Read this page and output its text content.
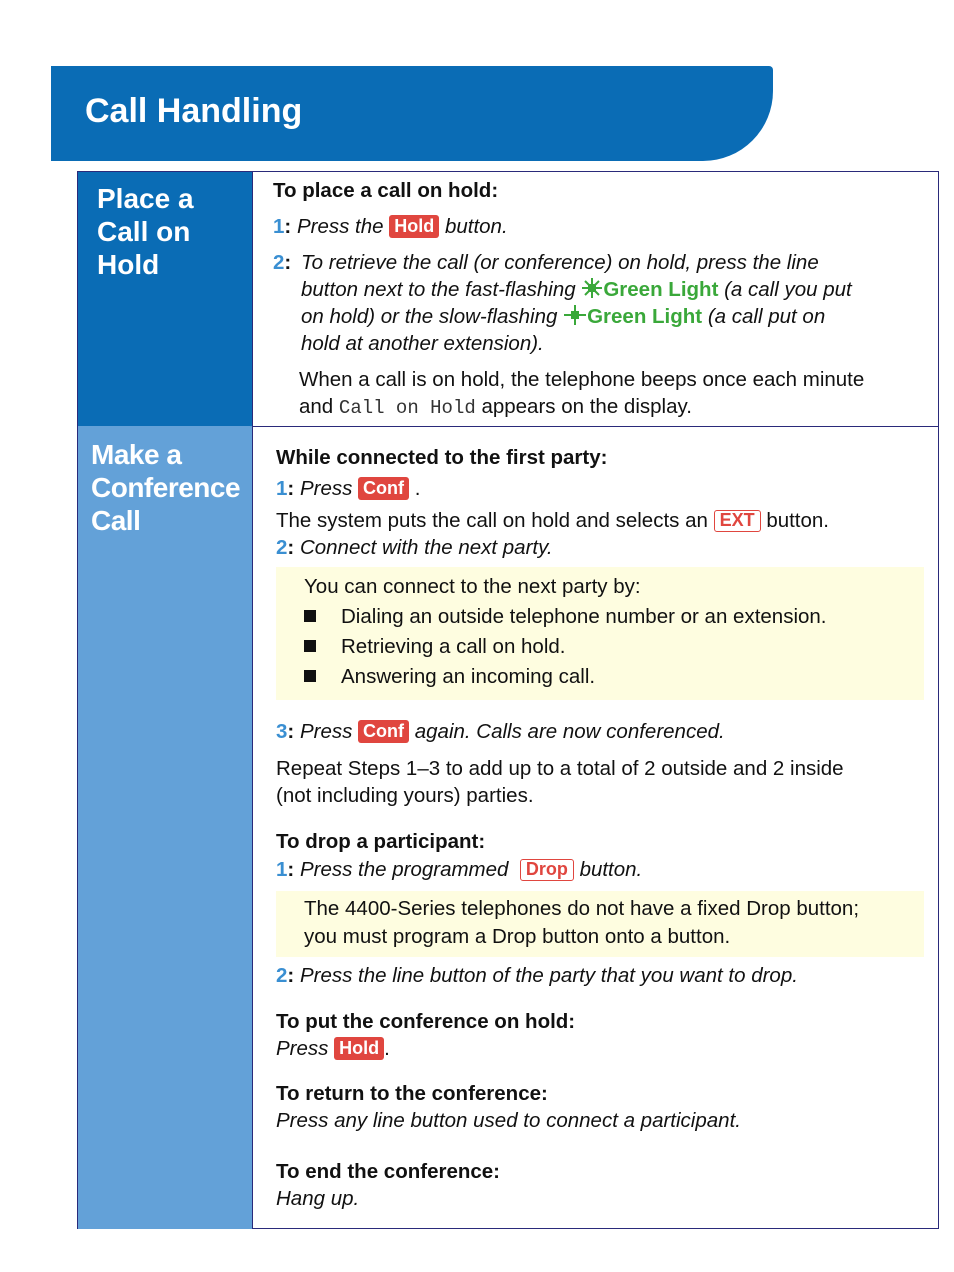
Call Handling
Place a
Call on
Hold
Make a
Conference
Call
To place a call on hold:
1: Press the Hold button.
2: To retrieve the call (or conference) on hold, press the line
button next to the fast-flashing Green Light (a call you put
on hold) or the slow-flashing Green Light (a call put on
hold at another extension).
When a call is on hold, the telephone beeps once each minute
and Call on Hold appears on the display.
While connected to the first party:
1: Press Conf .
The system puts the call on hold and selects an EXT button.
2: Connect with the next party.
You can connect to the next party by:
Dialing an outside telephone number or an extension.
Retrieving a call on hold.
Answering an incoming call.
3: Press Conf again. Calls are now conferenced.
Repeat Steps 1–3 to add up to a total of 2 outside and 2 inside
(not including yours) parties.
To drop a participant:
1: Press the programmed Drop button.
The 4400-Series telephones do not have a fixed Drop button;
you must program a Drop button onto a button.
2: Press the line button of the party that you want to drop.
To put the conference on hold:
Press Hold .
To return to the conference:
Press any line button used to connect a participant.
To end the conference:
Hang up.
